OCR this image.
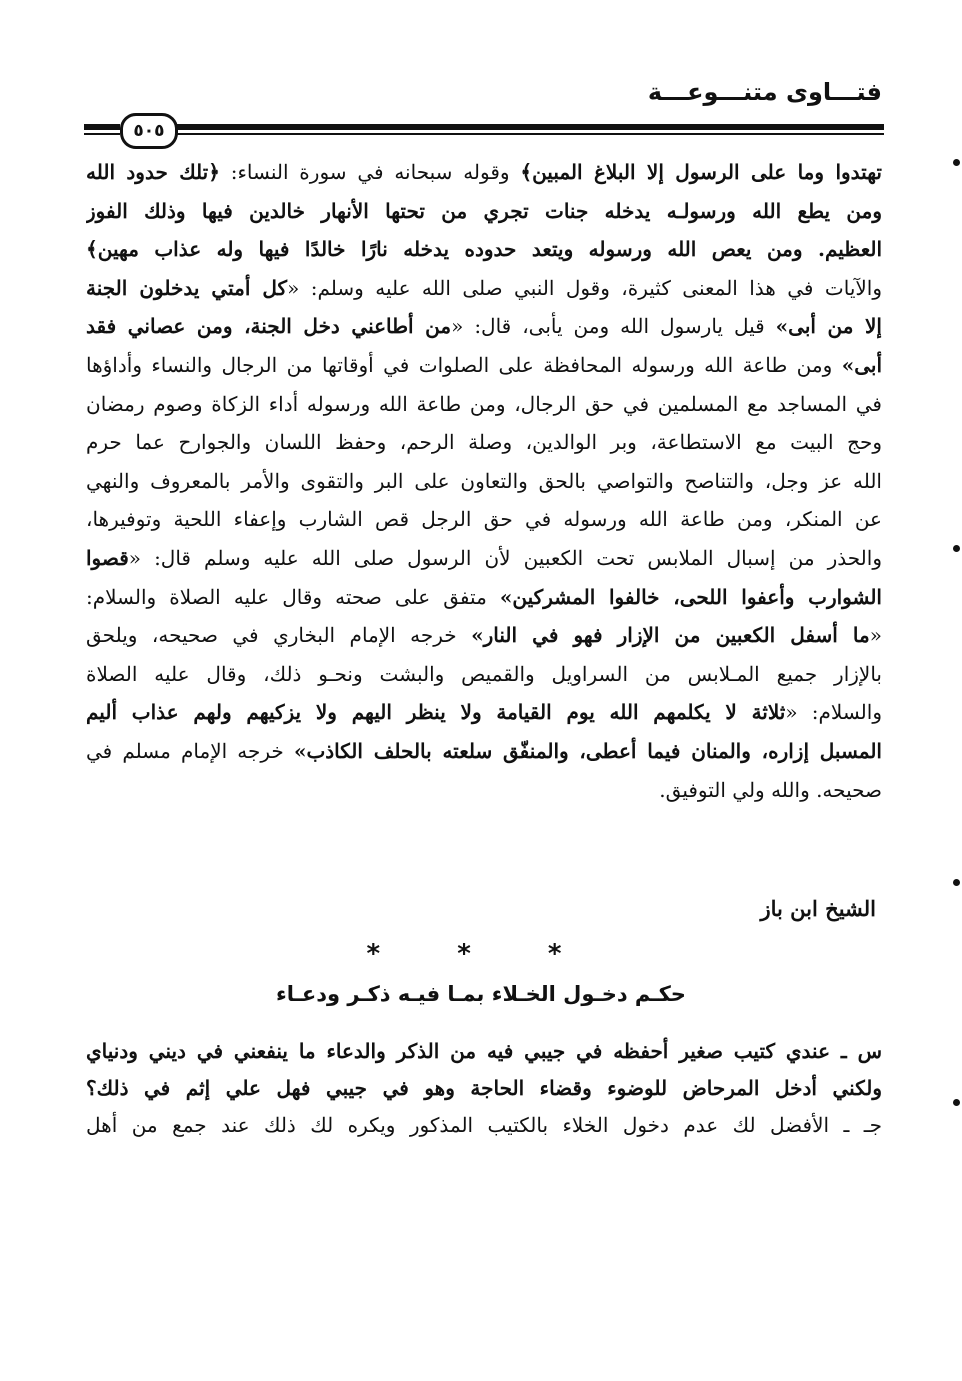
فتـــاوى متنـــوعـــة
٥٠٥
تهتدوا وما على الرسول إلا البلاغ المبين﴾ وقوله سبحانه في سورة النساء: ﴿تلك حدود الله
ومن يطع الله ورسولـه يدخله جنات تجري من تحتها الأنهار خالدين فيها وذلك الفوز
العظيم. ومن يعص الله ورسوله ويتعد حدوده يدخله نارًا خالدًا فيها وله عذاب مهين﴾
والآيات في هذا المعنى كثيرة، وقول النبي صلى الله عليه وسلم: «كل أمتي يدخلون الجنة
إلا من أبى» قيل يارسول الله ومن يأبى، قال: «من أطاعني دخل الجنة، ومن عصاني فقد
أبى» ومن طاعة الله ورسوله المحافظة على الصلوات في أوقاتها من الرجال والنساء وأداؤها
في المساجد مع المسلمين في حق الرجال، ومن طاعة الله ورسوله أداء الزكاة وصوم رمضان
وحج البيت مع الاستطاعة، وبر الوالدين، وصلة الرحم، وحفظ اللسان والجوارح عما حرم
الله عز وجل، والتناصح والتواصي بالحق والتعاون على البر والتقوى والأمر بالمعروف والنهي
عن المنكر، ومن طاعة الله ورسوله في حق الرجل قص الشارب وإعفاء اللحية وتوفيرها،
والحذر من إسبال الملابس تحت الكعبين لأن الرسول صلى الله عليه وسلم قال: «قصوا
الشوارب وأعفوا اللحى، خالفوا المشركين» متفق على صحته وقال عليه الصلاة والسلام:
«ما أسفل الكعبين من الإزار فهو في النار» خرجه الإمام البخاري في صحيحه، ويلحق
بالإزار جميع المـلابس من السراويل والقميص والبشت ونحـو ذلك، وقال عليه الصلاة
والسلام: «ثلاثة لا يكلمهم الله يوم القيامة ولا ينظر اليهم ولا يزكيهم ولهم عذاب أليم
المسبل إزاره، والمنان فيما أعطى، والمنفّق سلعته بالحلف الكاذب» خرجه الإمام مسلم في
صحيحه. والله ولي التوفيق.
الشيخ ابن باز
* * *
حكـم دخـول الخـلاء بمـا فيـه ذكـر ودعـاء
س ـ عندي كتيب صغير أحفظه في جيبي فيه من الذكر والدعاء ما ينفعني في ديني ودنياي
ولكني أدخل المرحاض للوضوء وقضاء الحاجة وهو في جيبي فهل علي إثم في ذلك؟
جـ ـ الأفضل لك عدم دخول الخلاء بالكتيب المذكور ويكره لك ذلك عند جمع من أهل
